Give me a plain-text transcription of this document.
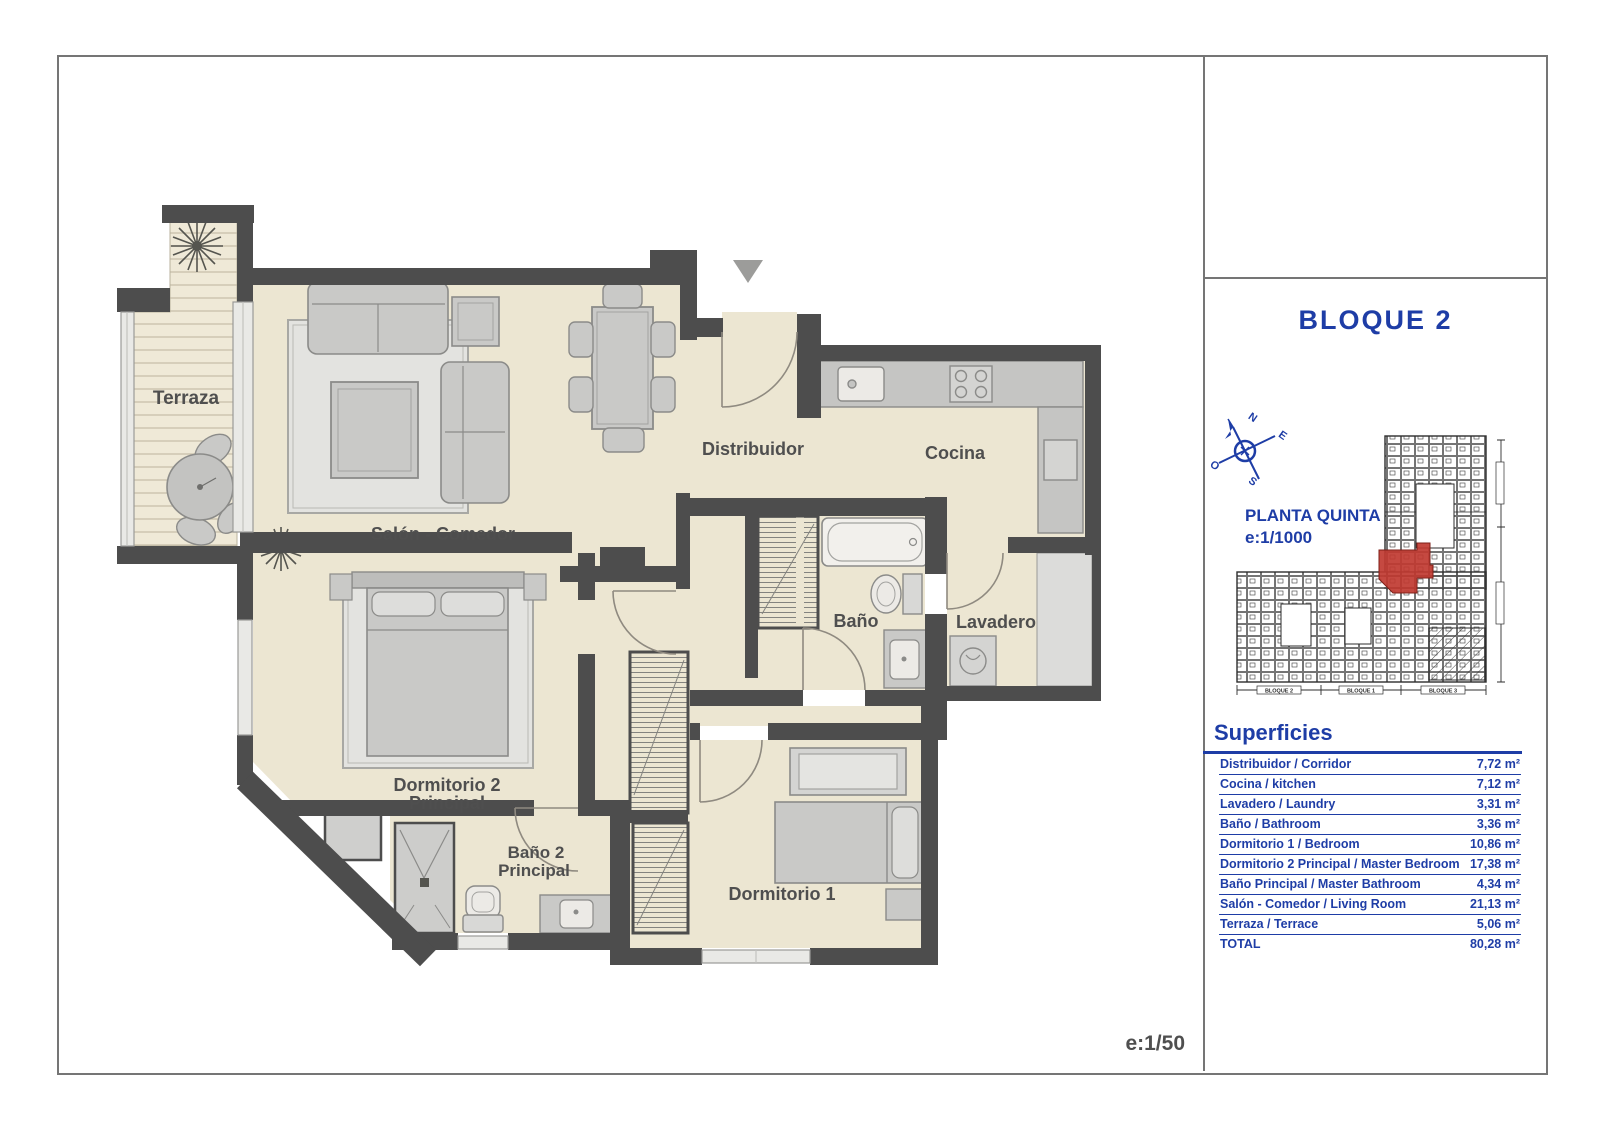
Terraza
Salón - Comedor
Distribuidor	Cocina
Baño	Lavadero
Dormitorio 2
Principal
Baño 2
Principal
Dormitorio 1
BLOQUE 2
N
E
O
S
PLANTA QUINTA
e:1/1000
BLOQUE 2	BLOQUE 1	BLOQUE 3
Superficies
Distribuidor / Corridor	7,72 m²
Cocina / kitchen	7,12 m²
Lavadero / Laundry	3,31 m²
Baño / Bathroom	3,36 m²
Dormitorio 1 / Bedroom	10,86 m²
Dormitorio 2 Principal / Master Bedroom 17,38 m²
Baño Principal / Master Bathroom	4,34 m²
Salón - Comedor / Living Room	21,13 m²
Terraza / Terrace	5,06 m²
TOTAL	80,28 m²
e:1/50
